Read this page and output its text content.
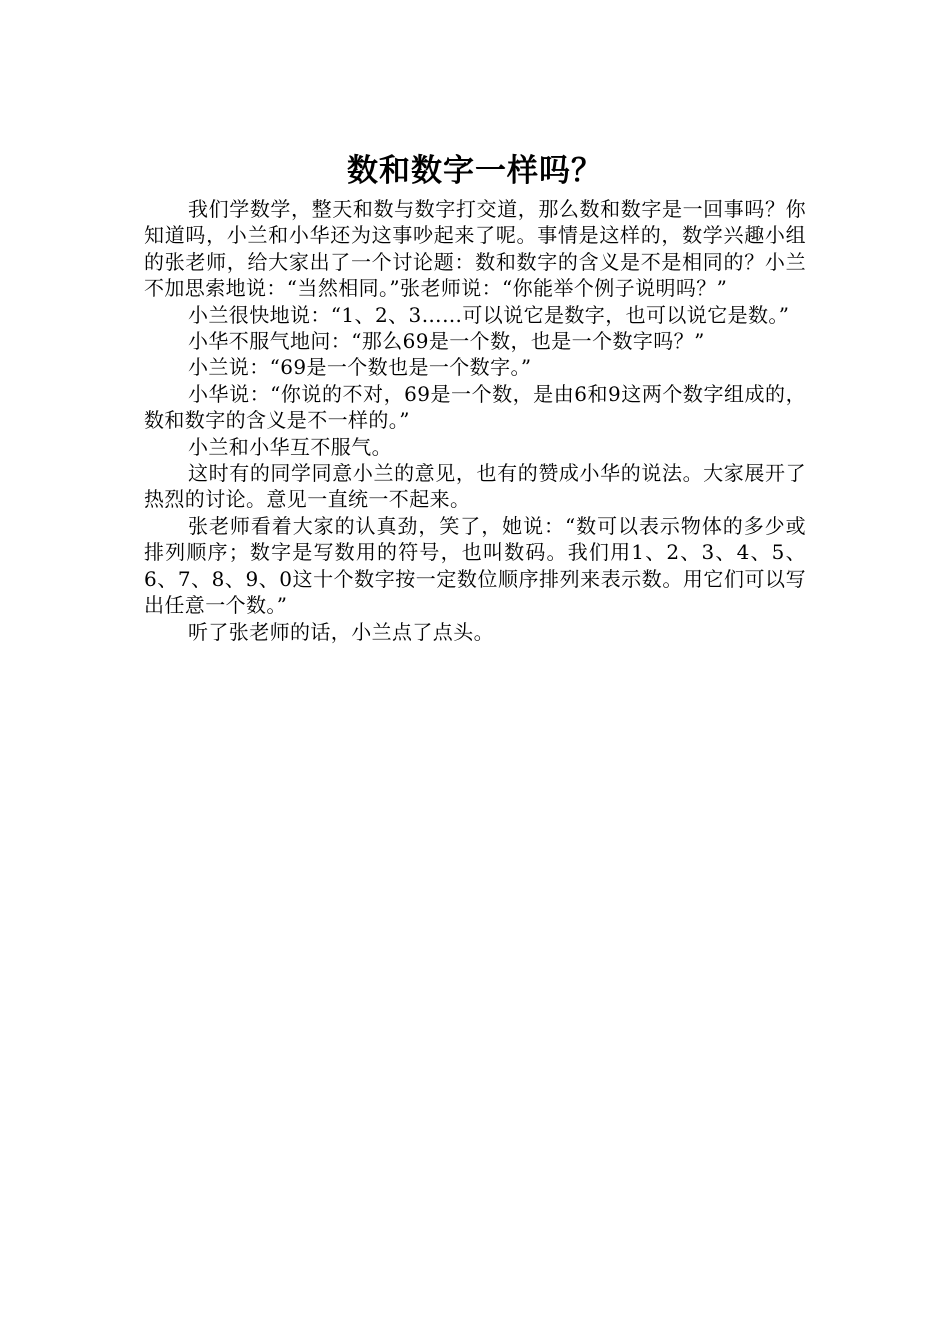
数和数字一样吗？

我们学数学，整天和数与数字打交道，那么数和数字是一回事吗？你知道吗，小兰和小华还为这事吵起来了呢。事情是这样的，数学兴趣小组的张老师，给大家出了一个讨论题：数和数字的含义是不是相同的？小兰不加思索地说：“当然相同。”张老师说：“你能举个例子说明吗？”

小兰很快地说：“1、2、3……可以说它是数字，也可以说它是数。”

小华不服气地问：“那么69是一个数，也是一个数字吗？”

小兰说：“69是一个数也是一个数字。”

小华说：“你说的不对，69是一个数，是由6和9这两个数字组成的，数和数字的含义是不一样的。”

小兰和小华互不服气。

这时有的同学同意小兰的意见，也有的赞成小华的说法。大家展开了热烈的讨论。意见一直统一不起来。

张老师看着大家的认真劲，笑了，她说：“数可以表示物体的多少或排列顺序；数字是写数用的符号，也叫数码。我们用1、2、3、4、5、6、7、8、9、0这十个数字按一定数位顺序排列来表示数。用它们可以写出任意一个数。”

听了张老师的话，小兰点了点头。
